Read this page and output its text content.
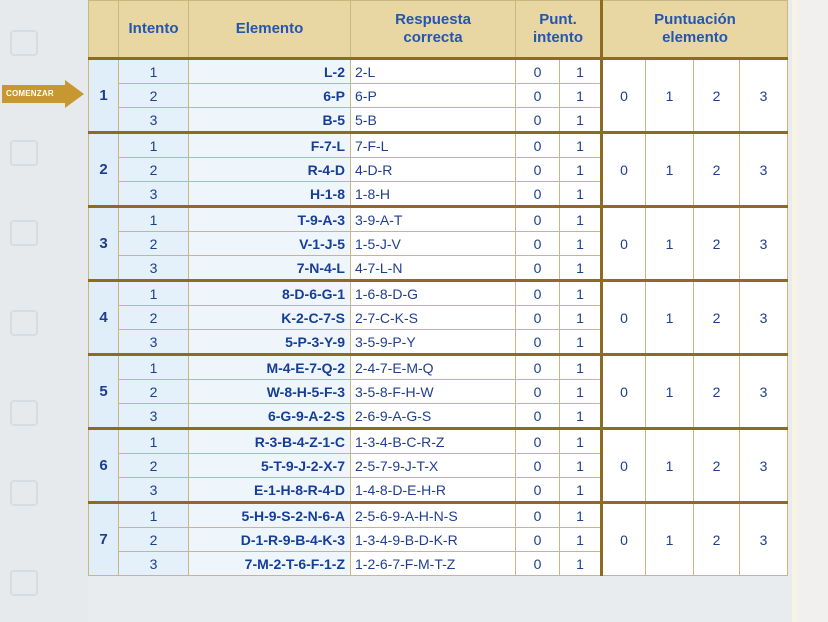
COMENZAR
	Intento	Elemento	Respuesta correcta	Punt. intento		Puntuación elemento			
1	1	L-2	2-L	0	1	0	1	2	3
	2	6-P	6-P	0	1				
	3	B-5	5-B	0	1				
2	1	F-7-L	7-F-L	0	1	0	1	2	3
	2	R-4-D	4-D-R	0	1				
	3	H-1-8	1-8-H	0	1				
3	1	T-9-A-3	3-9-A-T	0	1	0	1	2	3
	2	V-1-J-5	1-5-J-V	0	1				
	3	7-N-4-L	4-7-L-N	0	1				
4	1	8-D-6-G-1	1-6-8-D-G	0	1	0	1	2	3
	2	K-2-C-7-S	2-7-C-K-S	0	1				
	3	5-P-3-Y-9	3-5-9-P-Y	0	1				
5	1	M-4-E-7-Q-2	2-4-7-E-M-Q	0	1	0	1	2	3
	2	W-8-H-5-F-3	3-5-8-F-H-W	0	1				
	3	6-G-9-A-2-S	2-6-9-A-G-S	0	1				
6	1	R-3-B-4-Z-1-C	1-3-4-B-C-R-Z	0	1	0	1	2	3
	2	5-T-9-J-2-X-7	2-5-7-9-J-T-X	0	1				
	3	E-1-H-8-R-4-D	1-4-8-D-E-H-R	0	1				
7	1	5-H-9-S-2-N-6-A	2-5-6-9-A-H-N-S	0	1	0	1	2	3
	2	D-1-R-9-B-4-K-3	1-3-4-9-B-D-K-R	0	1				
	3	7-M-2-T-6-F-1-Z	1-2-6-7-F-M-T-Z	0	1				
